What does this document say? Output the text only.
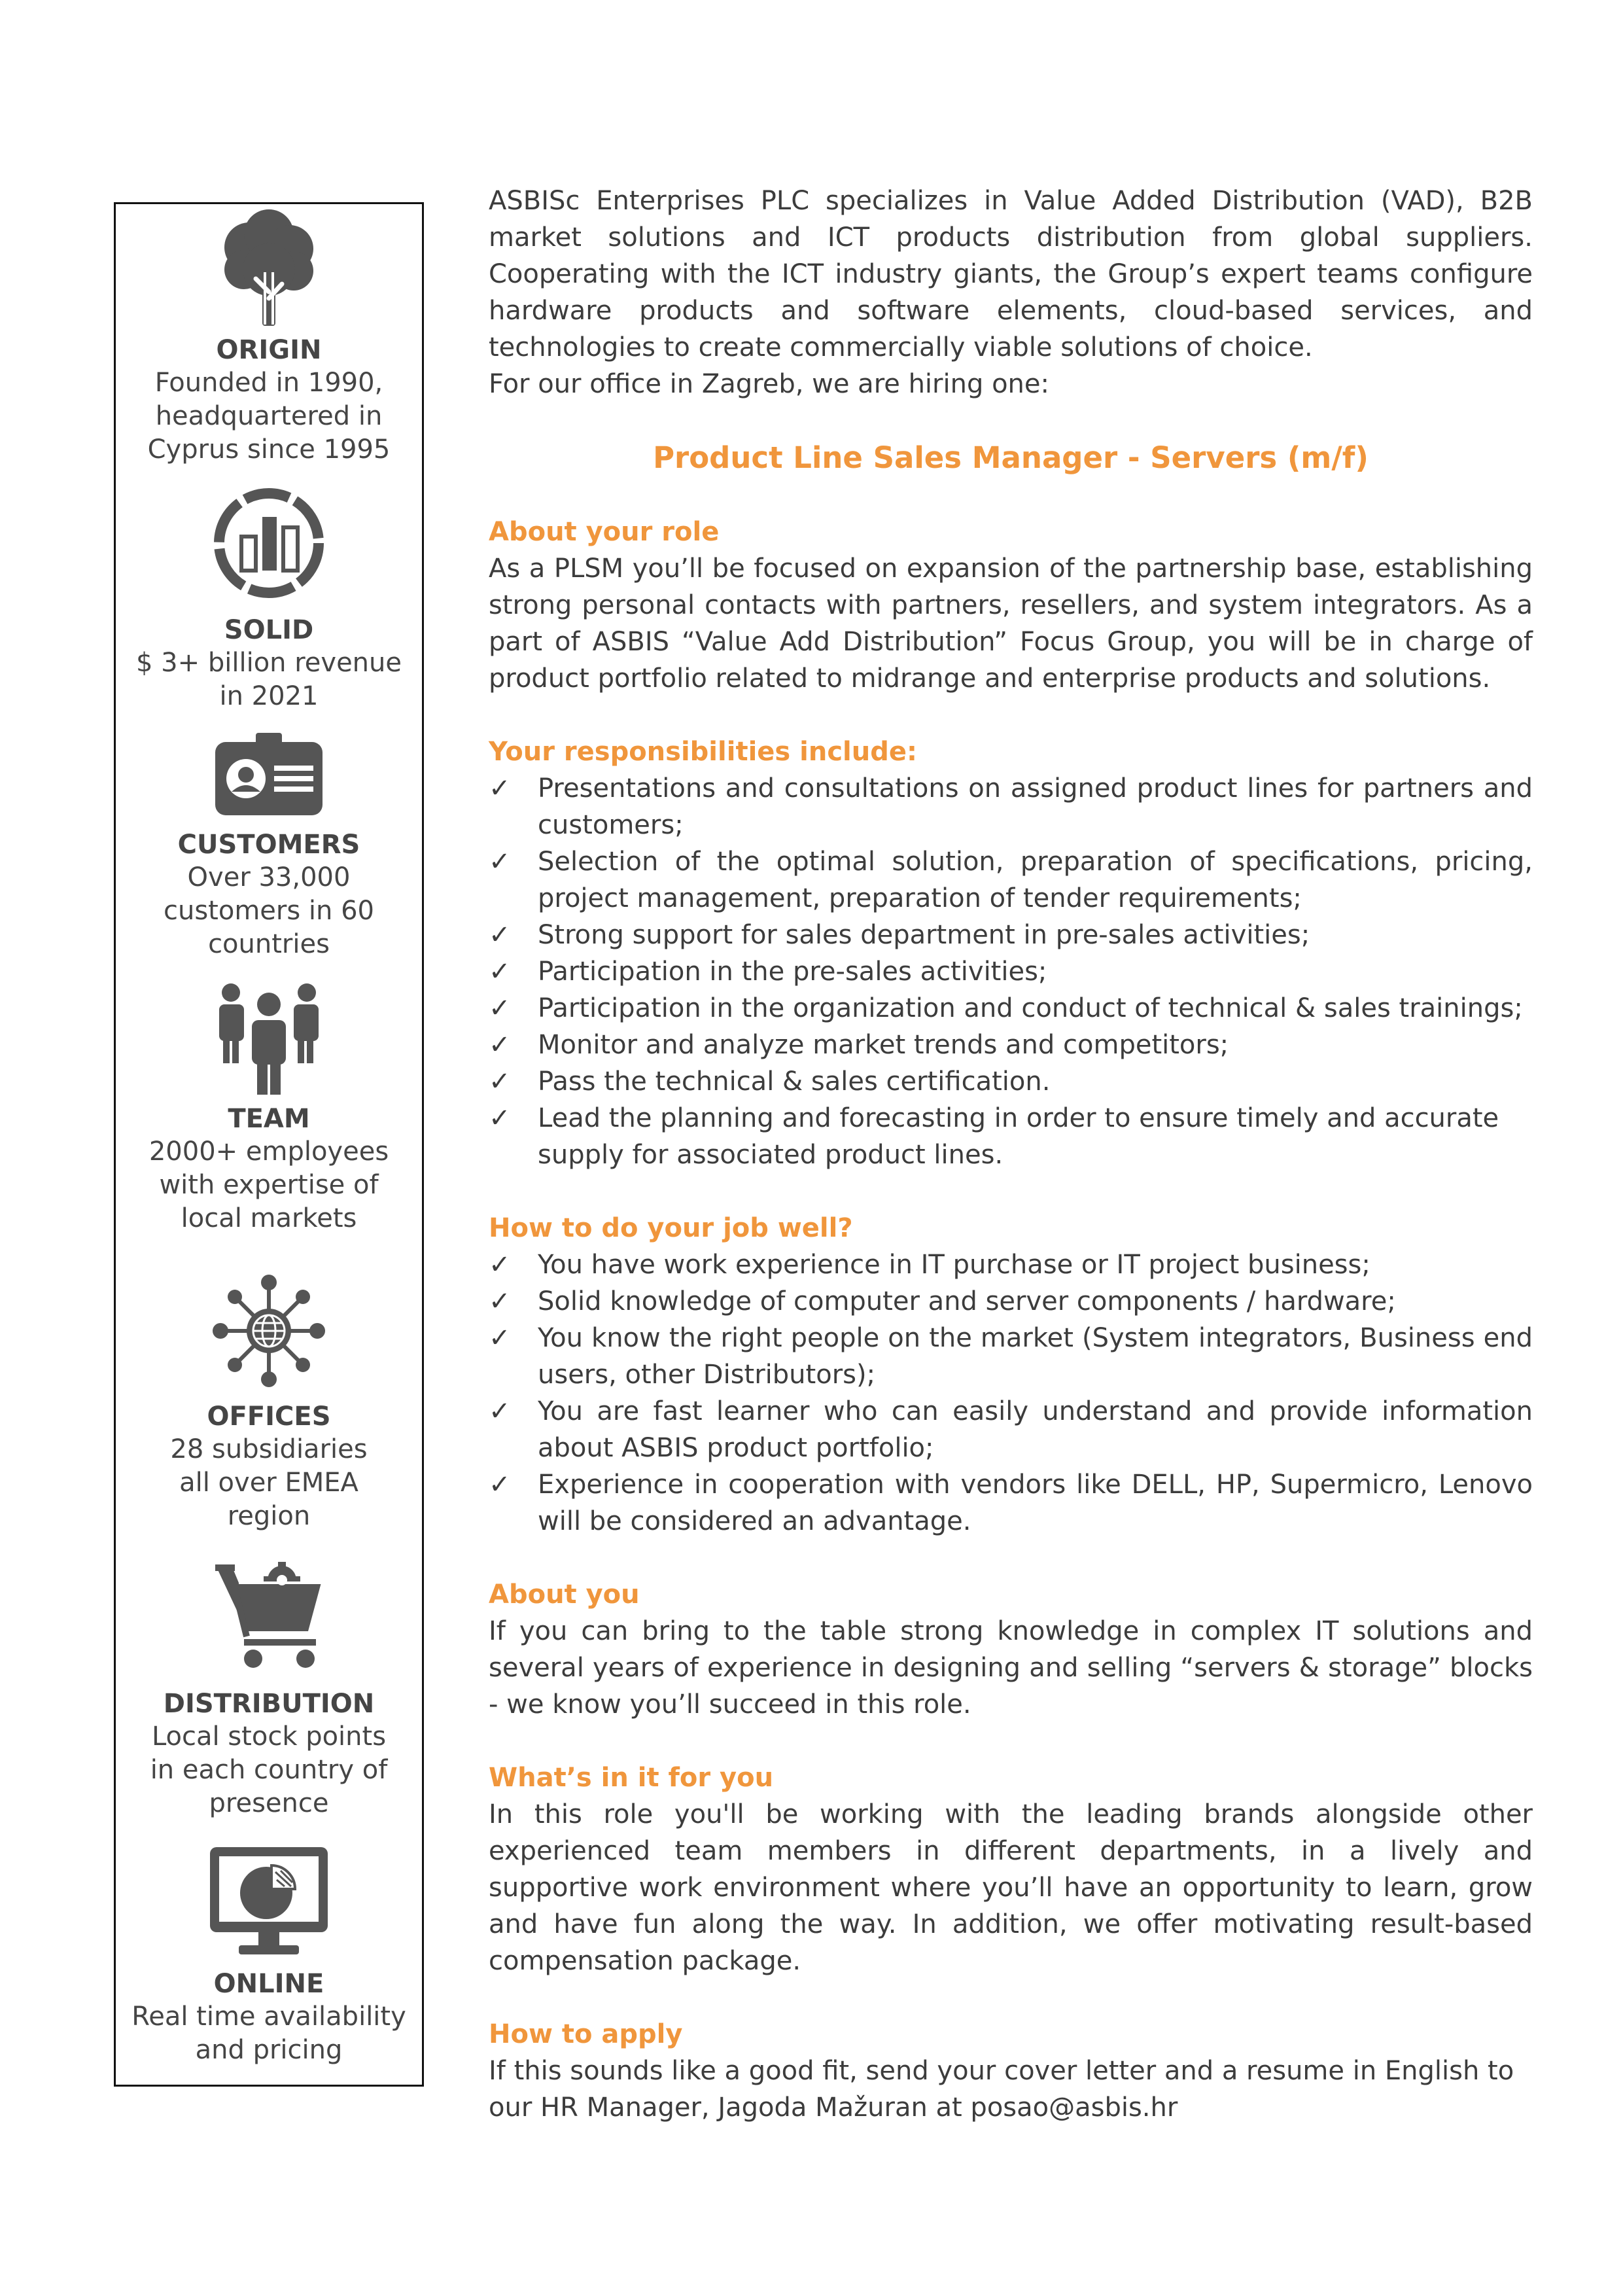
ORIGIN
Founded in 1990,
headquartered in
Cyprus since 1995
SOLID
$ 3+ billion revenue
in 2021
CUSTOMERS
Over 33,000
customers in 60
countries
TEAM
2000+ employees
with expertise of
local markets
OFFICES
28 subsidiaries
all over EMEA
region
DISTRIBUTION
Local stock points
in each country of
presence
ONLINE
Real time availability
and pricing

ASBISc Enterprises PLC specializes in Value Added Distribution (VAD), B2B market solutions and ICT products distribution from global suppliers. Cooperating with the ICT industry giants, the Group’s expert teams configure hardware products and software elements, cloud-based services, and technologies to create commercially viable solutions of choice.

For our office in Zagreb, we are hiring one:

Product Line Sales Manager - Servers (m/f)

About your role

As a PLSM you’ll be focused on expansion of the partnership base, establishing strong personal contacts with partners, resellers, and system integrators. As a part of ASBIS “Value Add Distribution” Focus Group, you will be in charge of product portfolio related to midrange and enterprise products and solutions.

Your responsibilities include:

✓ Presentations and consultations on assigned product lines for partners and customers;
✓ Selection of the optimal solution, preparation of specifications, pricing, project management, preparation of tender requirements;
✓ Strong support for sales department in pre-sales activities;
✓ Participation in the pre-sales activities;
✓ Participation in the organization and conduct of technical & sales trainings;
✓ Monitor and analyze market trends and competitors;
✓ Pass the technical & sales certification.
✓ Lead the planning and forecasting in order to ensure timely and accurate supply for associated product lines.

How to do your job well?

✓ You have work experience in IT purchase or IT project business;
✓ Solid knowledge of computer and server components / hardware;
✓ You know the right people on the market (System integrators, Business end users, other Distributors);
✓ You are fast learner who can easily understand and provide information about ASBIS product portfolio;
✓ Experience in cooperation with vendors like DELL, HP, Supermicro, Lenovo will be considered an advantage.

About you

If you can bring to the table strong knowledge in complex IT solutions and several years of experience in designing and selling “servers & storage” blocks - we know you’ll succeed in this role.

What’s in it for you

In this role you'll be working with the leading brands alongside other experienced team members in different departments, in a lively and supportive work environment where you’ll have an opportunity to learn, grow and have fun along the way. In addition, we offer motivating result-based compensation package.

How to apply

If this sounds like a good fit, send your cover letter and a resume in English to our HR Manager, Jagoda Mažuran at posao@asbis.hr
